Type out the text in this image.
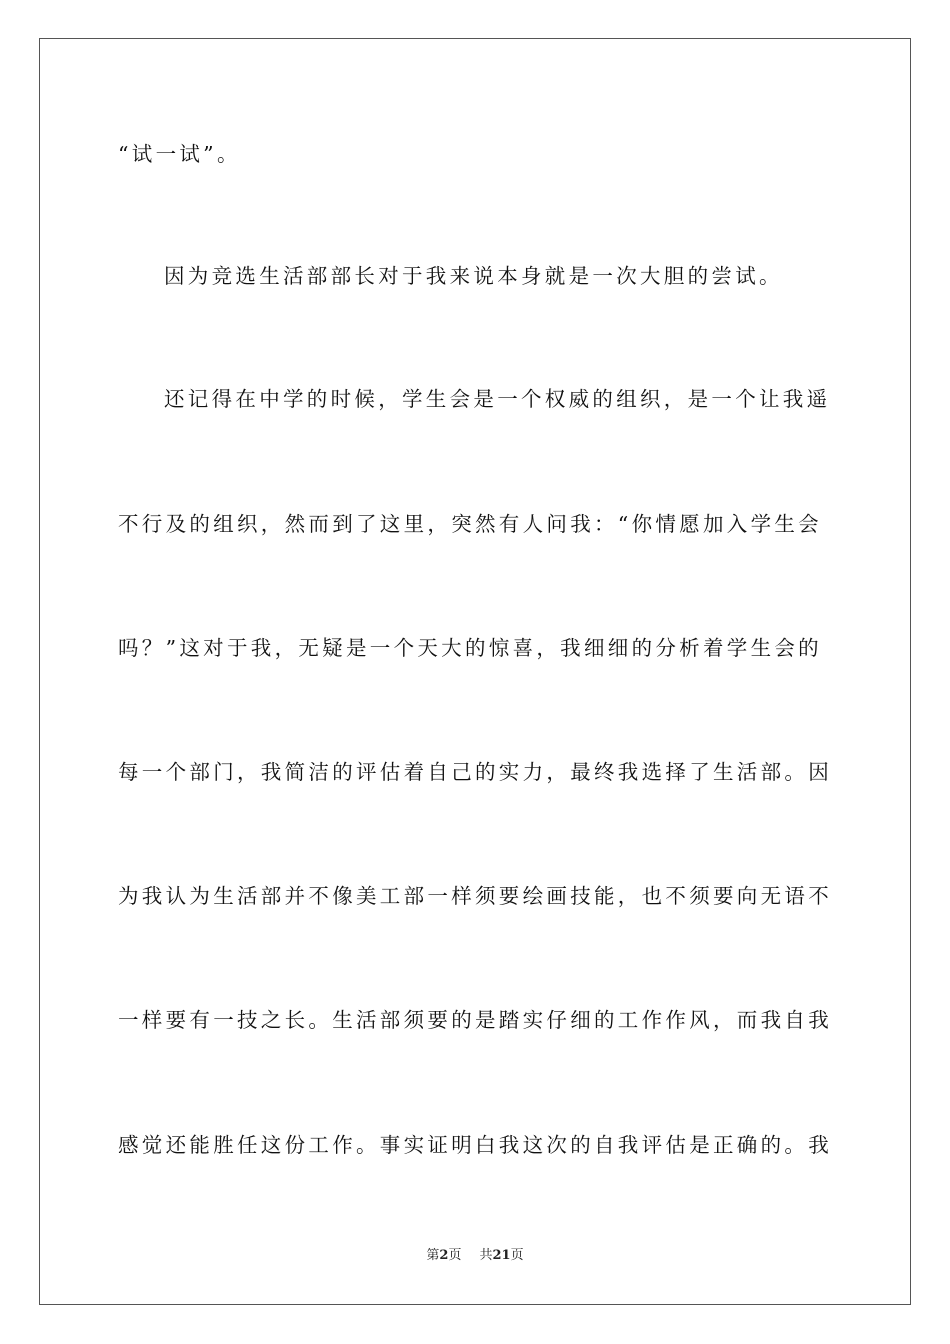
“试一试”。
因为竞选生活部部长对于我来说本身就是一次大胆的尝试。
还记得在中学的时候，学生会是一个权威的组织，是一个让我遥
不行及的组织，然而到了这里，突然有人问我：“你情愿加入学生会
吗？”这对于我，无疑是一个天大的惊喜，我细细的分析着学生会的
每一个部门，我简洁的评估着自己的实力，最终我选择了生活部。因
为我认为生活部并不像美工部一样须要绘画技能，也不须要向无语不
一样要有一技之长。生活部须要的是踏实仔细的工作作风，而我自我
感觉还能胜任这份工作。事实证明白我这次的自我评估是正确的。我
第2页 共21页
